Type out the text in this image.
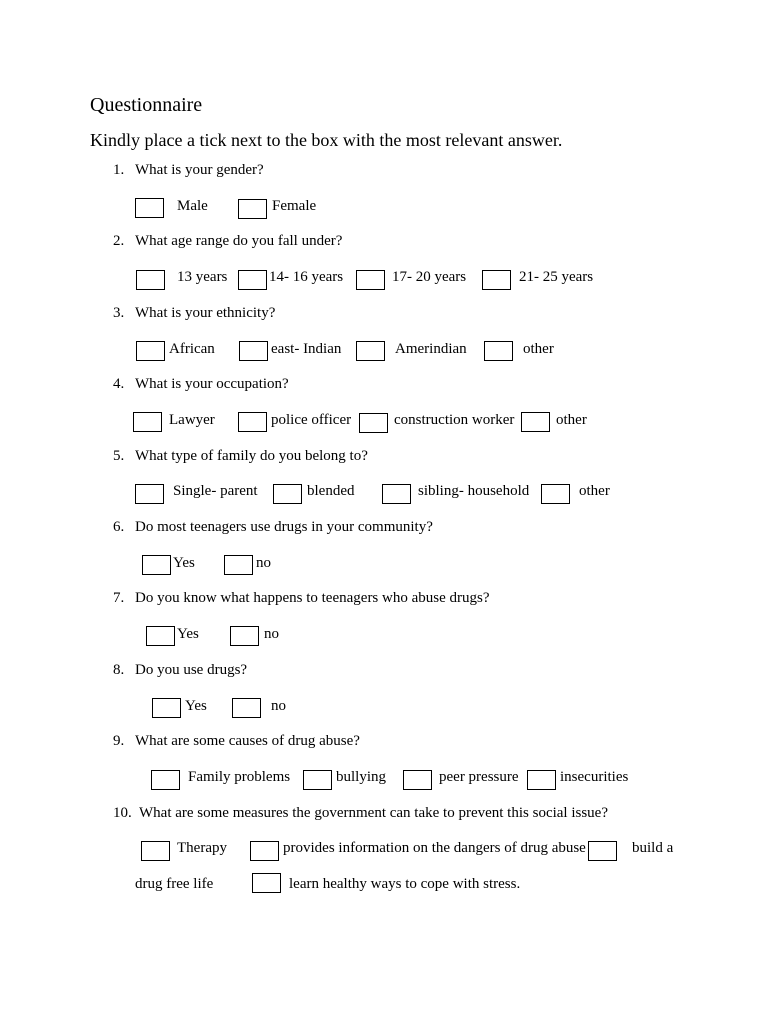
Questionnaire
Kindly place a tick next to the box with the most relevant answer.
1. What is your gender?
Male	Female
2. What age range do you fall under?
13 years	14- 16 years	17- 20 years	21- 25 years
3. What is your ethnicity?
African	east- Indian	Amerindian	other
4. What is your occupation?
Lawyer	police officer	construction worker	other
5. What type of family do you belong to?
Single- parent	blended	sibling- household	other
6. Do most teenagers use drugs in your community?
Yes	no
7. Do you know what happens to teenagers who abuse drugs?
Yes	no
8. Do you use drugs?
Yes	no
9. What are some causes of drug abuse?
Family problems	bullying	peer pressure	insecurities
10. What are some measures the government can take to prevent this social issue?
Therapy	provides information on the dangers of drug abuse	build a
drug free life	learn healthy ways to cope with stress.
